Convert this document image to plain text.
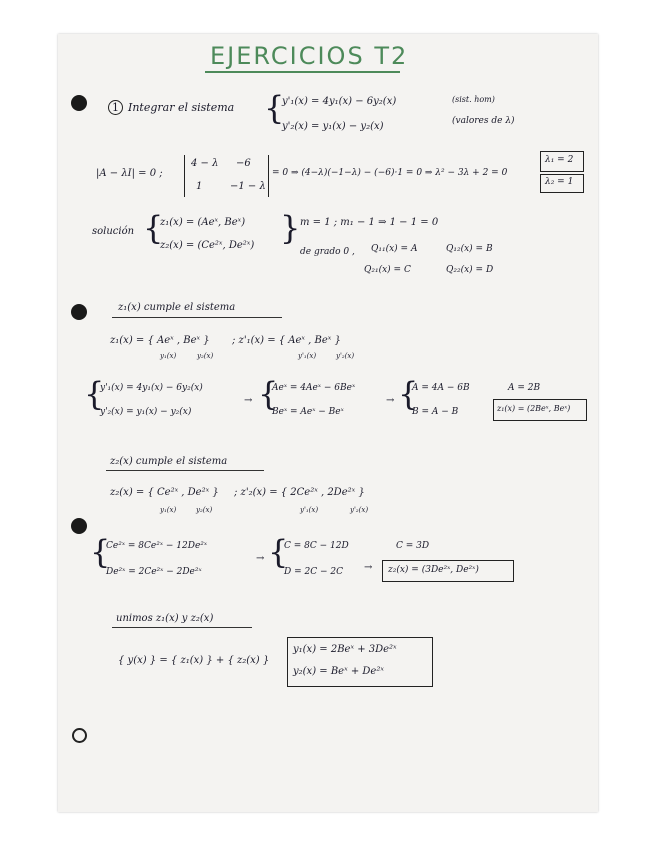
EJERCICIOS T2
1 Integrar el sistema {
y'₁(x) = 4y₁(x) − 6y₂(x)
y'₂(x) = y₁(x) − y₂(x)
(sist. hom)
(valores de λ)
|A − λI| = 0 ;
4 − λ −6
1	−1 − λ
= 0 ⇒ (4−λ)(−1−λ) − (−6)·1 = 0 ⇒ λ² − 3λ + 2 = 0
λ₁ = 2
λ₂ = 1
solución {
z₁(x) = (Aeˣ, Beˣ)
z₂(x) = (Ce²ˣ, De²ˣ) } m = 1 ; m₁ − 1 ⇒ 1 − 1 = 0
de grado 0 , Q₁₁(x) = A	Q₁₂(x) = B
Q₂₁(x) = C	Q₂₂(x) = D
z₁(x) cumple el sistema
z₁(x) = { Aeˣ , Beˣ } ; z'₁(x) = { Aeˣ , Beˣ }
y₁(x)	y₂(x)	y'₁(x)	y'₂(x)
{
y'₁(x) = 4y₁(x) − 6y₂(x)
y'₂(x) = y₁(x) − y₂(x)
→ {
Aeˣ = 4Aeˣ − 6Beˣ
Beˣ = Aeˣ − Beˣ
→ {
A = 4A − 6B
B = A − B
A = 2B
z₁(x) = (2Beˣ, Beˣ)
z₂(x) cumple el sistema
z₂(x) = { Ce²ˣ , De²ˣ } ; z'₂(x) = { 2Ce²ˣ , 2De²ˣ }
y₁(x)	y₂(x)	y'₁(x)	y'₂(x)
{
Ce²ˣ = 8Ce²ˣ − 12De²ˣ
De²ˣ = 2Ce²ˣ − 2De²ˣ
→ {
C = 8C − 12D
D = 2C − 2C →
C = 3D
z₂(x) = (3De²ˣ, De²ˣ)
unimos z₁(x) y z₂(x)
{ y(x) } = { z₁(x) } + { z₂(x) }
y₁(x) = 2Beˣ + 3De²ˣ
y₂(x) = Beˣ + De²ˣ
